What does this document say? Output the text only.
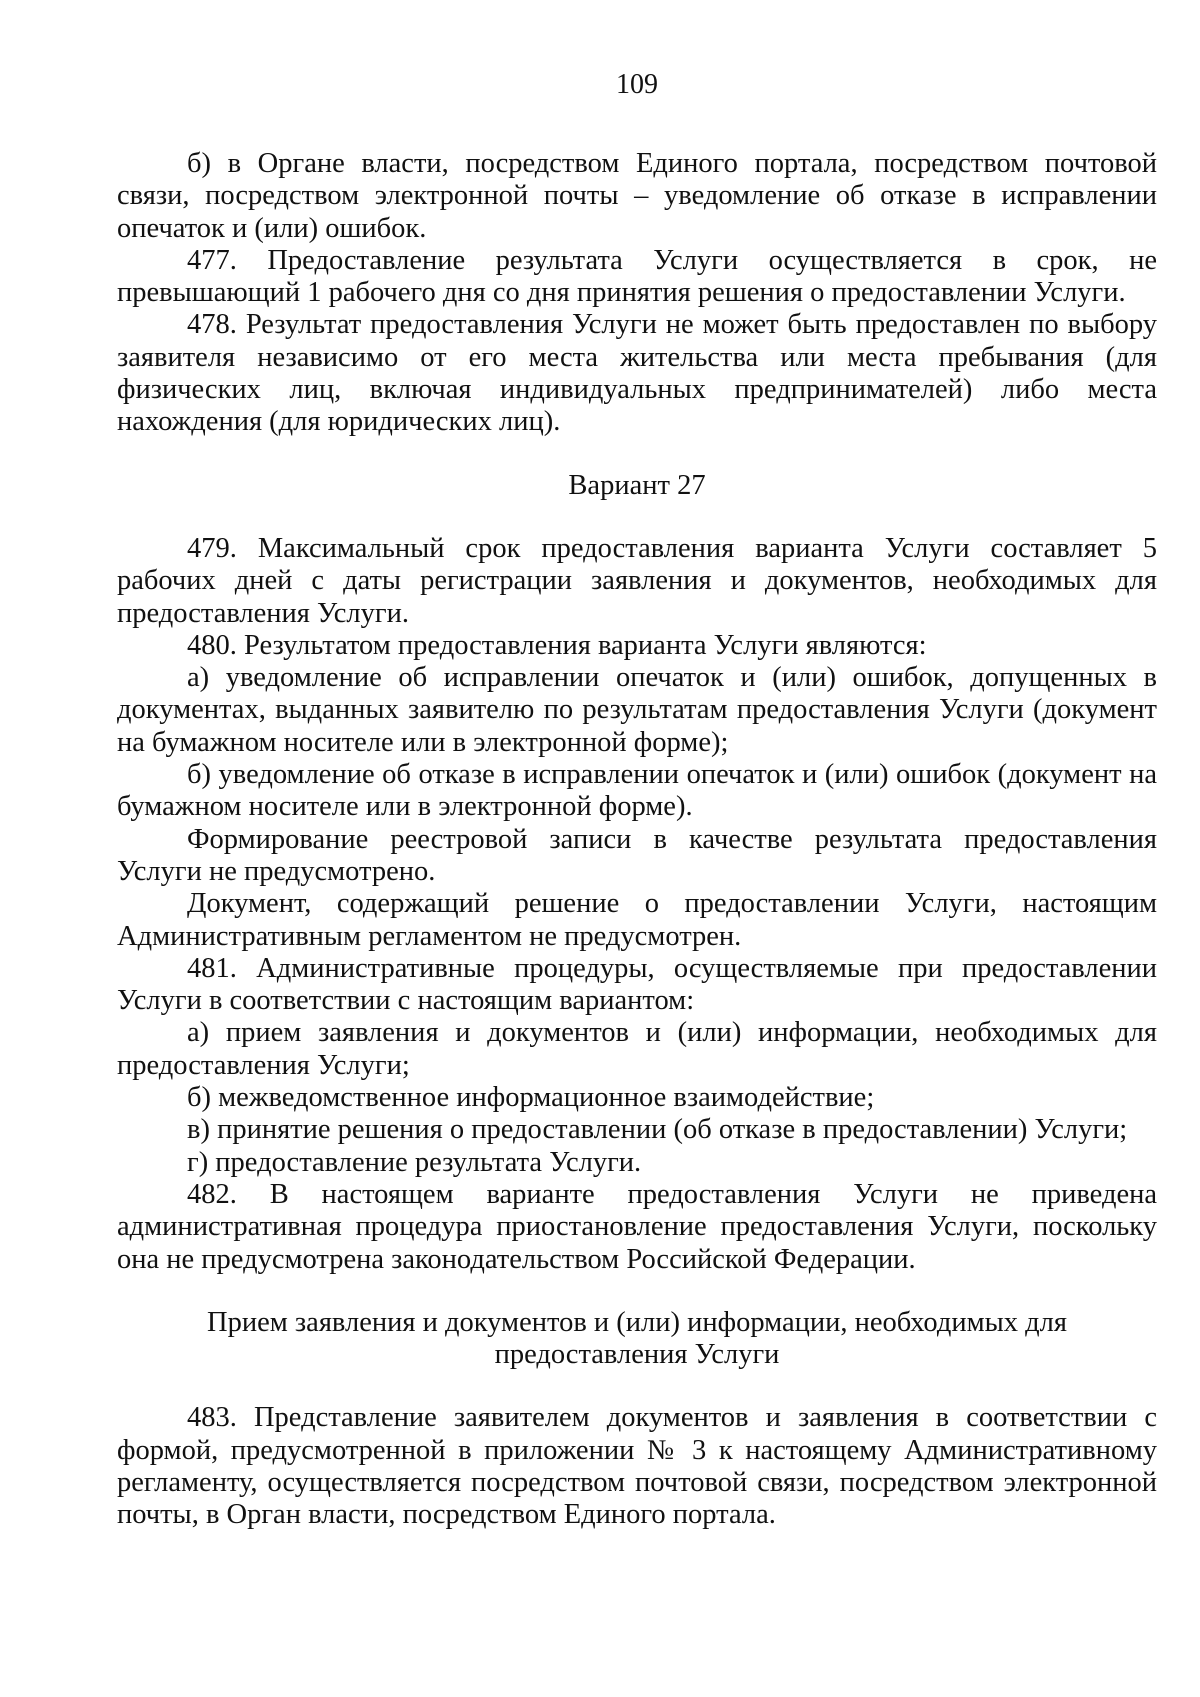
109

б) в Органе власти, посредством Единого портала, посредством почтовой связи, посредством электронной почты – уведомление об отказе в исправлении опечаток и (или) ошибок.

477. Предоставление результата Услуги осуществляется в срок, не превышающий 1 рабочего дня со дня принятия решения о предоставлении Услуги.

478. Результат предоставления Услуги не может быть предоставлен по выбору заявителя независимо от его места жительства или места пребывания (для физических лиц, включая индивидуальных предпринимателей) либо места нахождения (для юридических лиц).

Вариант 27

479. Максимальный срок предоставления варианта Услуги составляет 5 рабочих дней с даты регистрации заявления и документов, необходимых для предоставления Услуги.

480. Результатом предоставления варианта Услуги являются:

а) уведомление об исправлении опечаток и (или) ошибок, допущенных в документах, выданных заявителю по результатам предоставления Услуги (документ на бумажном носителе или в электронной форме);

б) уведомление об отказе в исправлении опечаток и (или) ошибок (документ на бумажном носителе или в электронной форме).

Формирование реестровой записи в качестве результата предоставления Услуги не предусмотрено.

Документ, содержащий решение о предоставлении Услуги, настоящим Административным регламентом не предусмотрен.

481. Административные процедуры, осуществляемые при предоставлении Услуги в соответствии с настоящим вариантом:

а) прием заявления и документов и (или) информации, необходимых для предоставления Услуги;

б) межведомственное информационное взаимодействие;

в) принятие решения о предоставлении (об отказе в предоставлении) Услуги;

г) предоставление результата Услуги.

482. В настоящем варианте предоставления Услуги не приведена административная процедура приостановление предоставления Услуги, поскольку она не предусмотрена законодательством Российской Федерации.

Прием заявления и документов и (или) информации, необходимых для
предоставления Услуги

483. Представление заявителем документов и заявления в соответствии с формой, предусмотренной в приложении № 3 к настоящему Административному регламенту, осуществляется посредством почтовой связи, посредством электронной почты, в Орган власти, посредством Единого портала.
